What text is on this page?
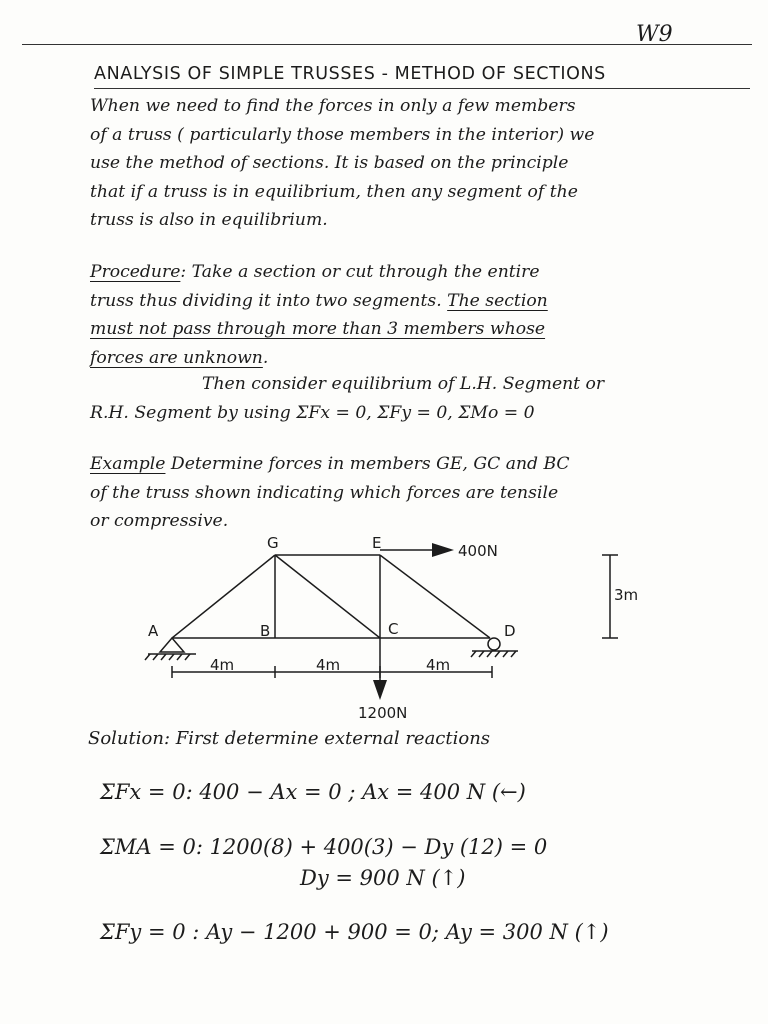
W9
ANALYSIS OF SIMPLE TRUSSES - METHOD OF SECTIONS
When we need to find the forces in only a few members
of a truss ( particularly those members in the interior) we
use the method of sections. It is based on the principle
that if a truss is in equilibrium, then any segment of the
truss is also in equilibrium.
Procedure: Take a section or cut through the entire
truss thus dividing it into two segments. The section
must not pass through more than 3 members whose
forces are unknown.
Then consider equilibrium of L.H. Segment or
R.H. Segment by using ΣFx = 0, ΣFy = 0, ΣMo = 0
Example Determine forces in members GE, GC and BC
of the truss shown indicating which forces are tensile
or compressive.
A	B	C	D
E
G	400N
1200N
4m	4m	4m
3m
Solution: First determine external reactions
ΣFx = 0: 400 − Ax = 0 ; Ax = 400 N (←)
ΣMA = 0: 1200(8) + 400(3) − Dy (12) = 0
Dy = 900 N (↑)
ΣFy = 0 : Ay − 1200 + 900 = 0; Ay = 300 N (↑)
